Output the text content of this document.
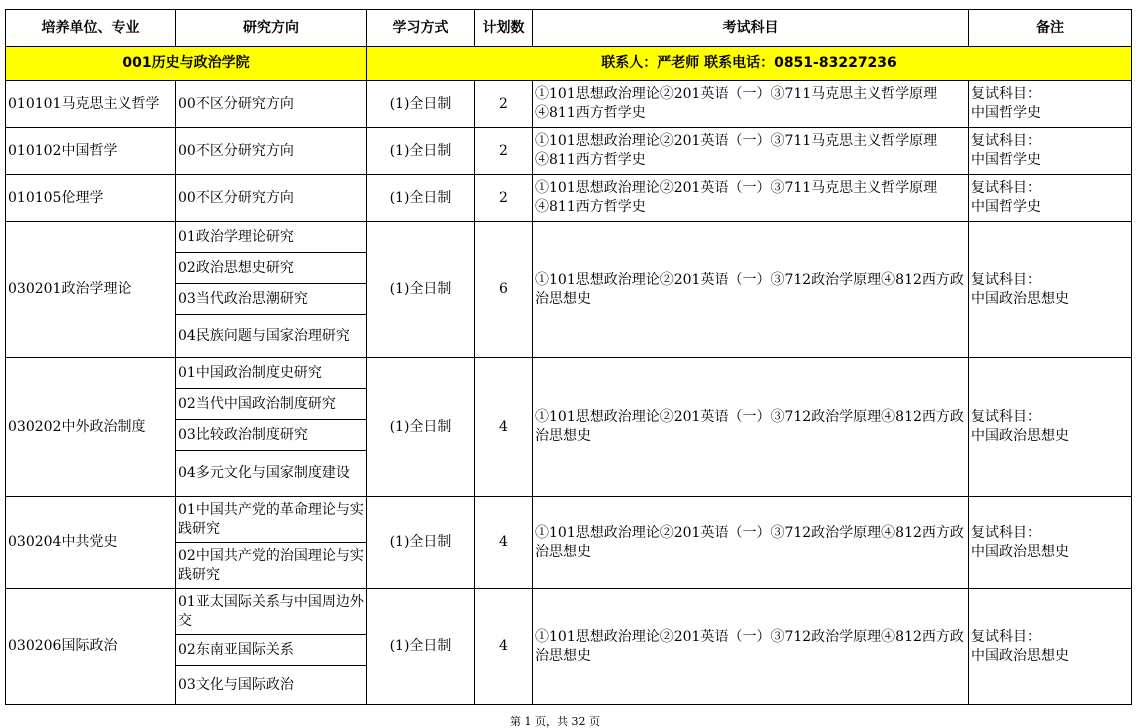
培养单位、专业	研究方向	学习方式	计划数	考试科目	备注
001历史与政治学院		联系人：严老师 联系电话：0851-83227236			
010101马克思主义哲学	00不区分研究方向	(1)全日制	2	①101思想政治理论②201英语（一）③711马克思主义哲学原理④811西方哲学史	复试科目：
中国哲学史

010102中国哲学	00不区分研究方向	(1)全日制	2	①101思想政治理论②201英语（一）③711马克思主义哲学原理④811西方哲学史	复试科目：
中国哲学史

010105伦理学	00不区分研究方向	(1)全日制	2	①101思想政治理论②201英语（一）③711马克思主义哲学原理④811西方哲学史	复试科目：
中国哲学史

030201政治学理论	01政治学理论研究	(1)全日制	6	①101思想政治理论②201英语（一）③712政治学原理④812西方政治思想史	复试科目：
中国政治思想史

	02政治思想史研究				
	03当代政治思潮研究				
	04民族问题与国家治理研究				
030202中外政治制度	01中国政治制度史研究	(1)全日制	4	①101思想政治理论②201英语（一）③712政治学原理④812西方政治思想史	复试科目：
中国政治思想史

	02当代中国政治制度研究				
	03比较政治制度研究				
	04多元文化与国家制度建设				
030204中共党史	01中国共产党的革命理论与实践研究	(1)全日制	4	①101思想政治理论②201英语（一）③712政治学原理④812西方政治思想史	复试科目：
中国政治思想史

	02中国共产党的治国理论与实践研究				
030206国际政治	01亚太国际关系与中国周边外交	(1)全日制	4	①101思想政治理论②201英语（一）③712政治学原理④812西方政治思想史	复试科目：
中国政治思想史

	02东南亚国际关系				
	03文化与国际政治				
第 1 页，共 32 页
